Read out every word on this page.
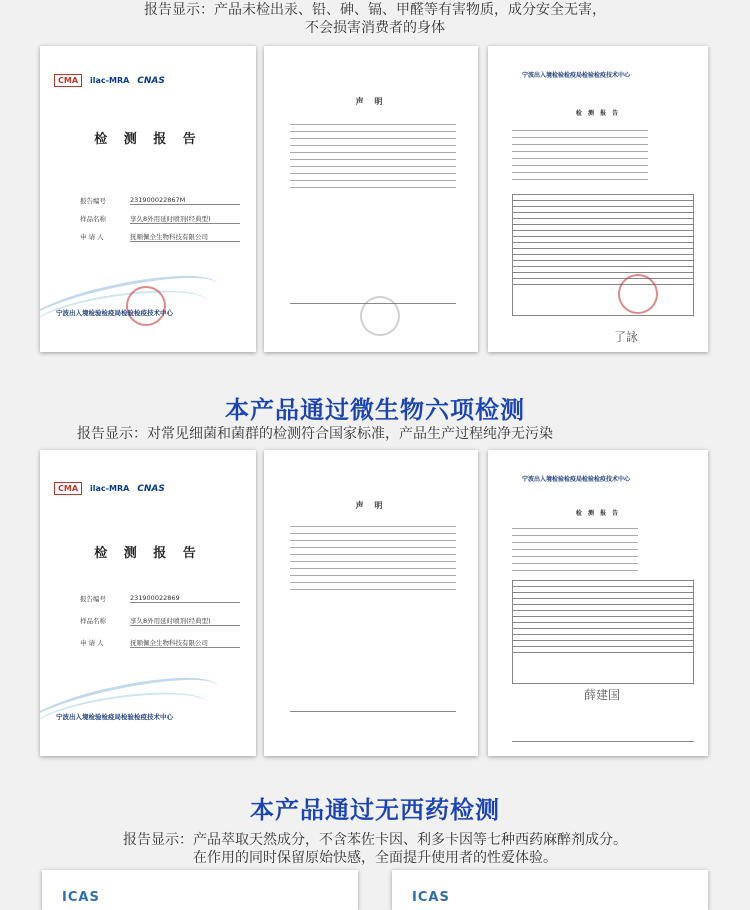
报告显示：产品未检出汞、铅、砷、镉、甲醛等有害物质，成分安全无害，
不会损害消费者的身体
CMA	ilac-MRA CNAS
检 测 报 告
报告编号	231900022867M
样品名称	享久8外用延时喷剂(经典型)
申 请 人	抚顺佩全生物科技有限公司
宁波出入境检验检疫局检验检疫技术中心
声 明
宁波出入境检验检疫局检验检疫技术中心
检 测 报 告
了詠
本产品通过微生物六项检测
报告显示：对常见细菌和菌群的检测符合国家标准，产品生产过程纯净无污染
CMA	ilac-MRA CNAS
检 测 报 告
报告编号	231900022869
样品名称	享久8外用延时喷剂(经典型)
申 请 人	抚顺佩全生物科技有限公司
宁波出入境检验检疫局检验检疫技术中心
声 明
宁波出入境检验检疫局检验检疫技术中心
检 测 报 告
薛建国
本产品通过无西药检测
报告显示：产品萃取天然成分，不含苯佐卡因、利多卡因等七种西药麻醉剂成分。
在作用的同时保留原始快感，全面提升使用者的性爱体验。
ICAS	ICAS
